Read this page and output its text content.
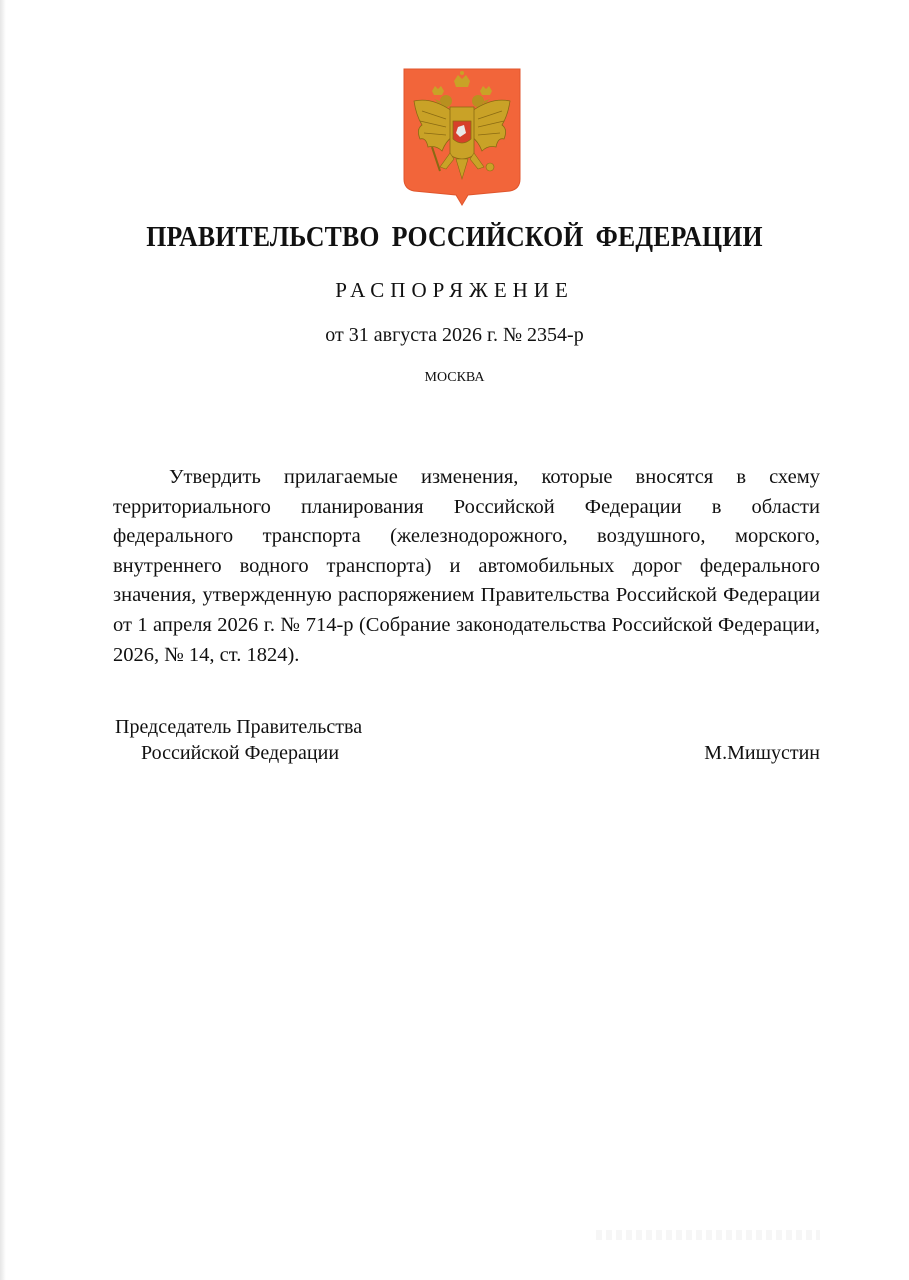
ПРАВИТЕЛЬСТВО РОССИЙСКОЙ ФЕДЕРАЦИИ
РАСПОРЯЖЕНИЕ
от 31 августа 2026 г. № 2354-р
МОСКВА

Утвердить прилагаемые изменения, которые вносятся в схему территориального планирования Российской Федерации в области федерального транспорта (железнодорожного, воздушного, морского, внутреннего водного транспорта) и автомобильных дорог федерального значения, утвержденную распоряжением Правительства Российской Федерации от 1 апреля 2026 г. № 714-р (Собрание законодательства Российской Федерации, 2026, № 14, ст. 1824).

Председатель Правительства
Российской Федерации	М.Мишустин
